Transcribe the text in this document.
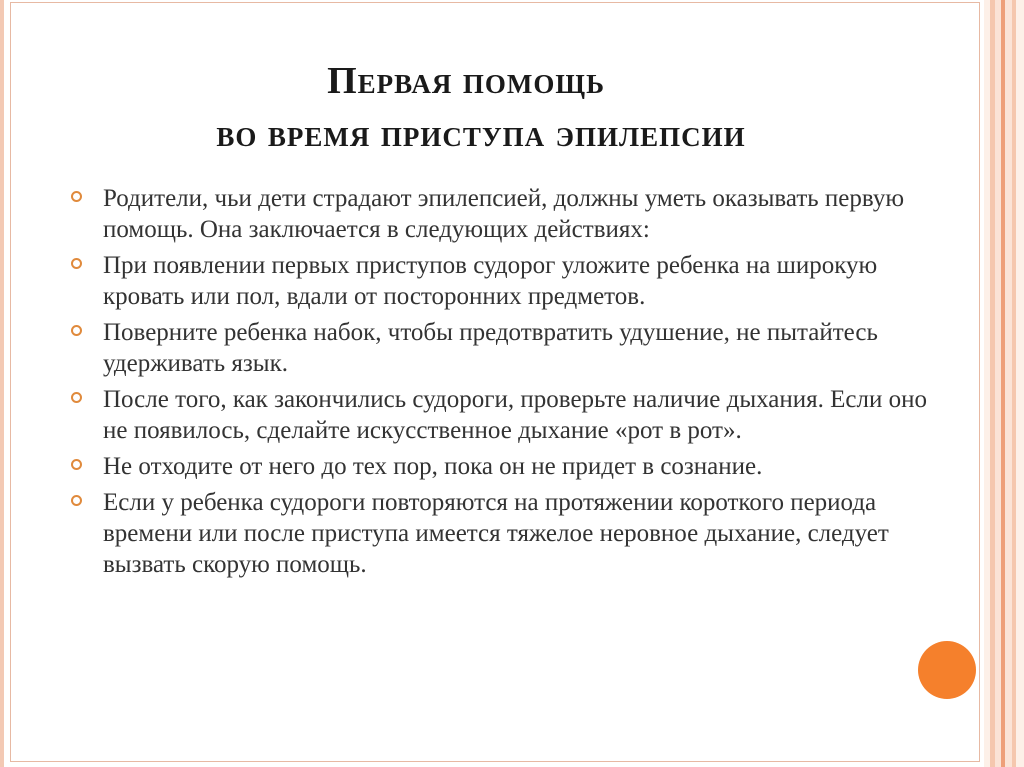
Первая помощь
во время приступа эпилепсии
Родители, чьи дети страдают эпилепсией, должны уметь оказывать первую помощь. Она заключается в следующих действиях:
При появлении первых приступов судорог уложите ребенка на широкую кровать или пол, вдали от посторонних предметов.
Поверните ребенка набок, чтобы предотвратить удушение, не пытайтесь удерживать язык.
После того, как закончились судороги, проверьте наличие дыхания. Если оно не появилось, сделайте искусственное дыхание «рот в рот».
Не отходите от него до тех пор, пока он не придет в сознание.
Если у ребенка судороги повторяются на протяжении короткого периода времени или после приступа имеется тяжелое неровное дыхание, следует вызвать скорую помощь.
